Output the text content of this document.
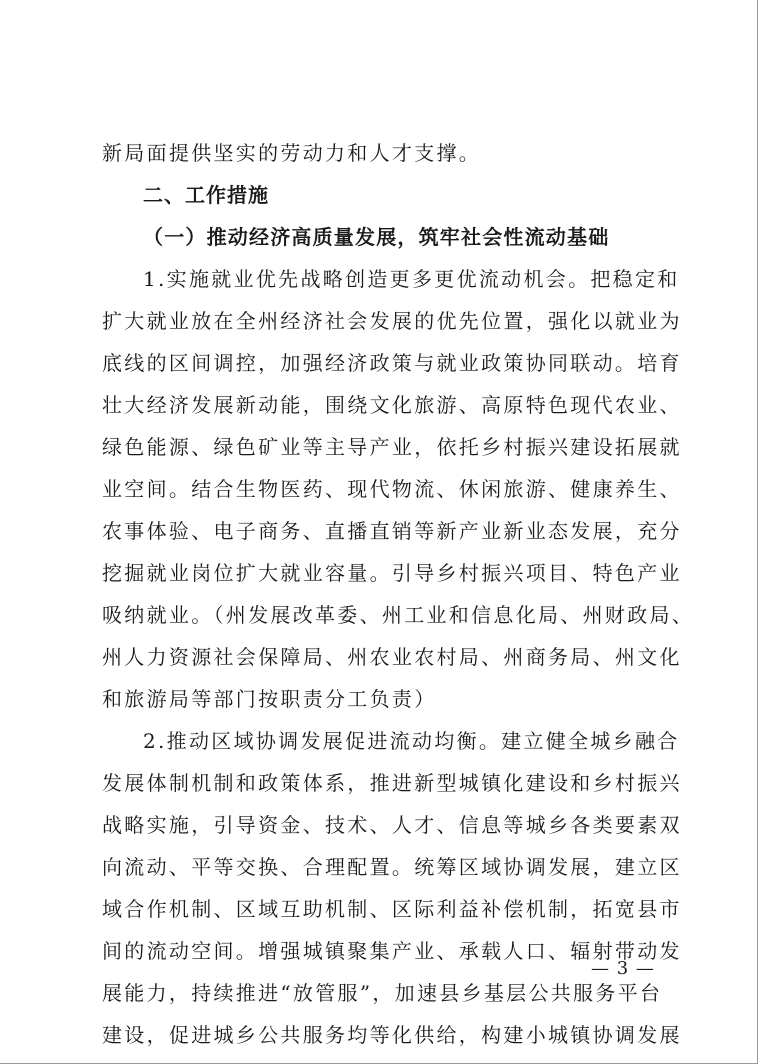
新局面提供坚实的劳动力和人才支撑。
二、工作措施
（一）推动经济高质量发展，筑牢社会性流动基础
1.实施就业优先战略创造更多更优流动机会。把稳定和
扩大就业放在全州经济社会发展的优先位置，强化以就业为
底线的区间调控，加强经济政策与就业政策协同联动。培育
壮大经济发展新动能，围绕文化旅游、高原特色现代农业、
绿色能源、绿色矿业等主导产业，依托乡村振兴建设拓展就
业空间。结合生物医药、现代物流、休闲旅游、健康养生、
农事体验、电子商务、直播直销等新产业新业态发展，充分
挖掘就业岗位扩大就业容量。引导乡村振兴项目、特色产业
吸纳就业。（州发展改革委、州工业和信息化局、州财政局、
州人力资源社会保障局、州农业农村局、州商务局、州文化
和旅游局等部门按职责分工负责）
2.推动区域协调发展促进流动均衡。建立健全城乡融合
发展体制机制和政策体系，推进新型城镇化建设和乡村振兴
战略实施，引导资金、技术、人才、信息等城乡各类要素双
向流动、平等交换、合理配置。统筹区域协调发展，建立区
域合作机制、区域互助机制、区际利益补偿机制，拓宽县市
间的流动空间。增强城镇聚集产业、承载人口、辐射带动发
展能力，持续推进“放管服”，加速县乡基层公共服务平台
建设，促进城乡公共服务均等化供给，构建小城镇协调发展
— 3 —
